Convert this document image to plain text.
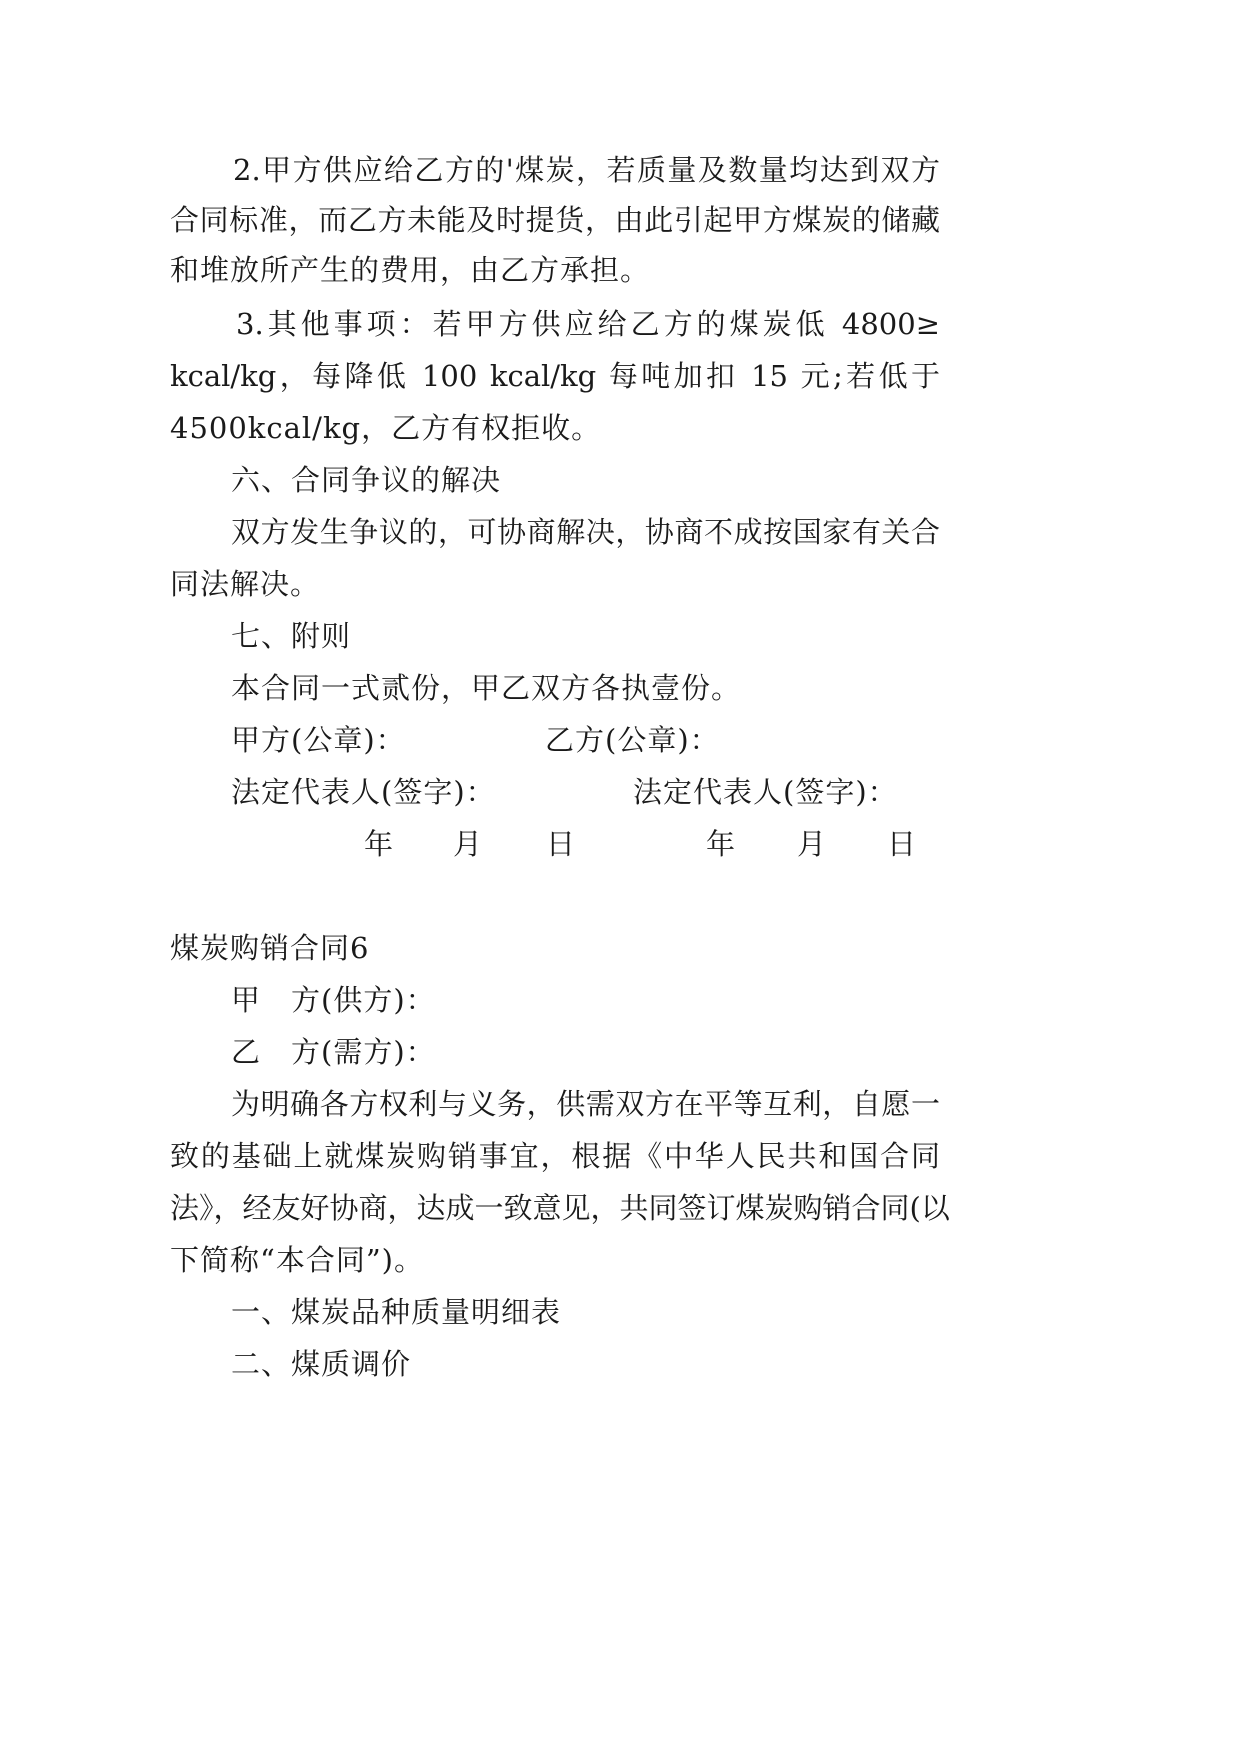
2.甲方供应给乙方的'煤炭，若质量及数量均达到双方
合同标准，而乙方未能及时提货，由此引起甲方煤炭的储藏
和堆放所产生的费用，由乙方承担。
3.其他事项：若甲方供应给乙方的煤炭低 4800≥
kcal/kg，每降低 100 kcal/kg 每吨加扣 15 元;若低于
4500kcal/kg，乙方有权拒收。
六、合同争议的解决
双方发生争议的，可协商解决，协商不成按国家有关合
同法解决。
七、附则
本合同一式贰份，甲乙双方各执壹份。
甲方(公章)：	乙方(公章)：
法定代表人(签字)：	法定代表人(签字)：
年 月 日	年 月 日
煤炭购销合同6
甲　方(供方)：
乙　方(需方)：
为明确各方权利与义务，供需双方在平等互利，自愿一
致的基础上就煤炭购销事宜，根据《中华人民共和国合同
法》，经友好协商，达成一致意见，共同签订煤炭购销合同(以
下简称“本合同”)。
一、煤炭品种质量明细表
二、煤质调价
